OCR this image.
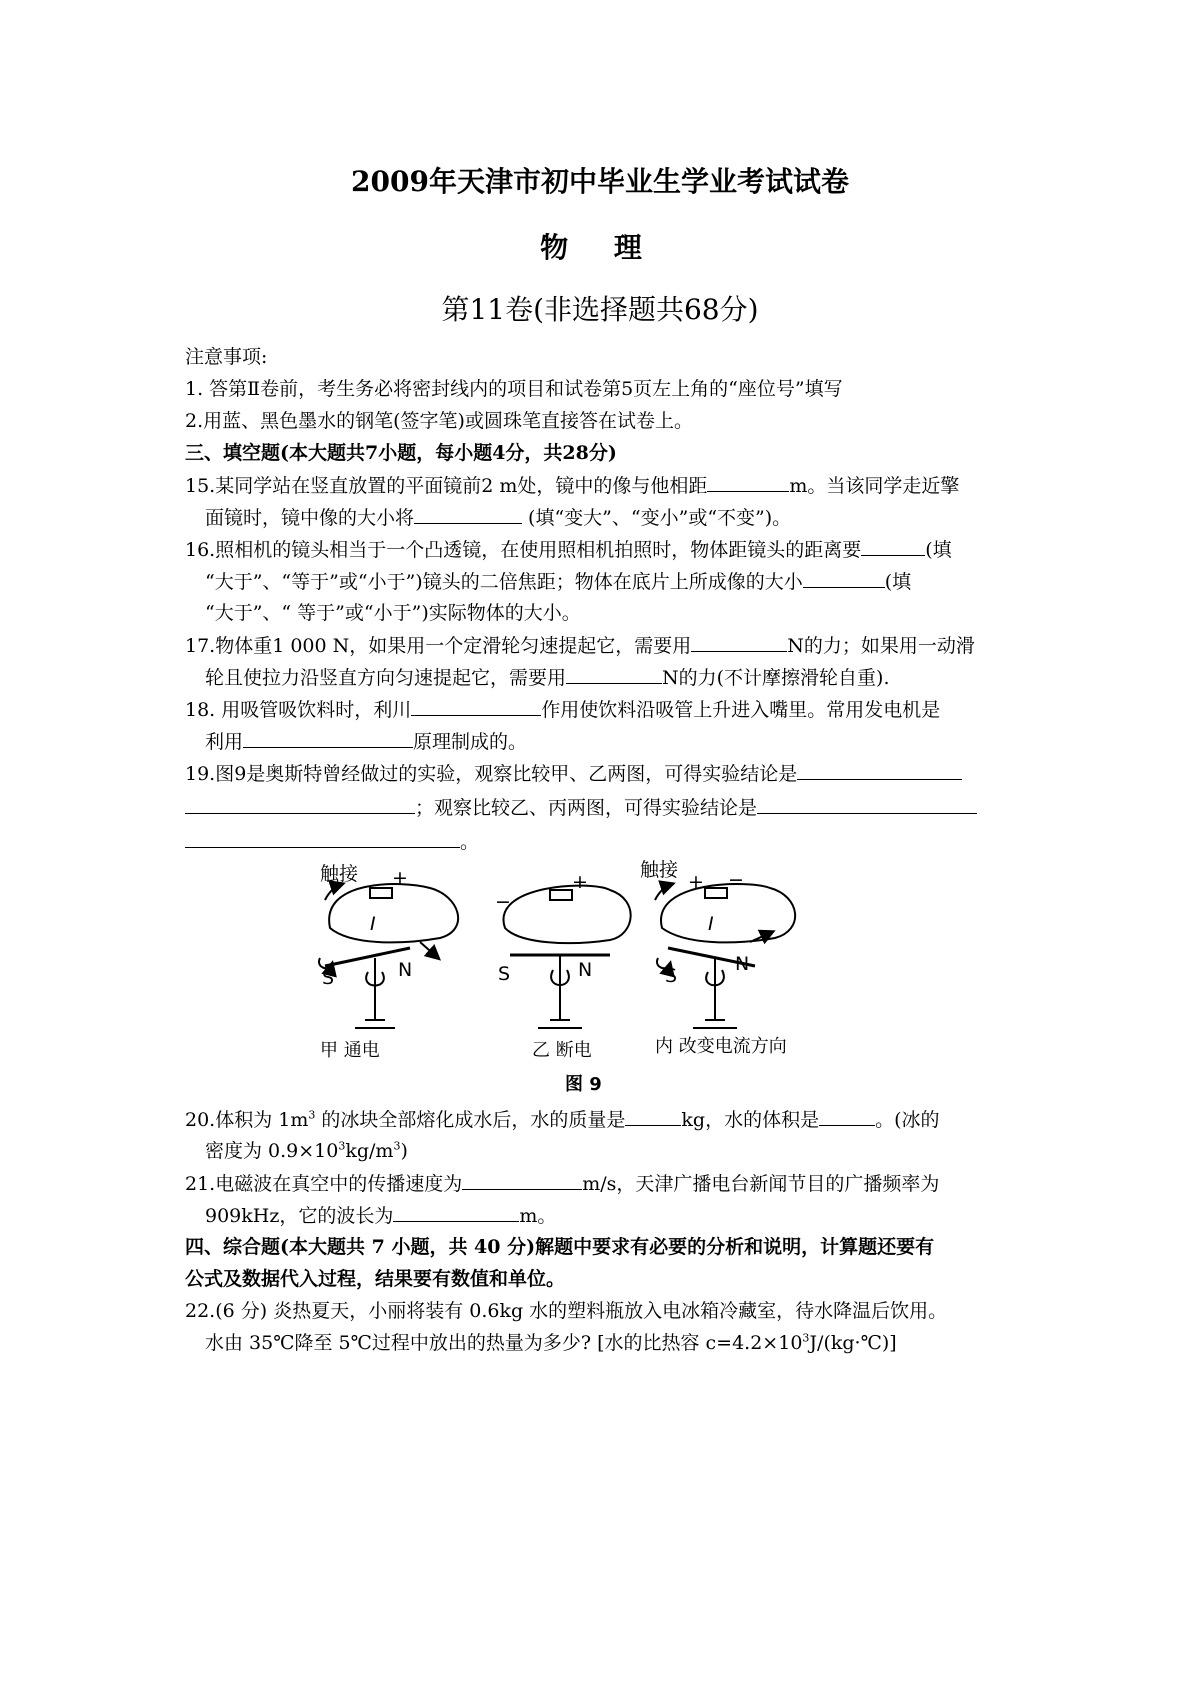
2009年天津市初中毕业生学业考试试卷
物 理
第11卷(非选择题共68分)
注意事项:
1. 答第Ⅱ卷前，考生务必将密封线内的项目和试卷第5页左上角的“座位号”填写
2.用蓝、黑色墨水的钢笔(签字笔)或圆珠笔直接答在试卷上。
三、填空题(本大题共7小题，每小题4分，共28分)
15.某同学站在竖直放置的平面镜前2 m处，镜中的像与他相距	m。当该同学走近擎
面镜时，镜中像的大小将	(填“变大”、“变小”或“不变”)。
16.照相机的镜头相当于一个凸透镜，在使用照相机拍照时，物体距镜头的距离要	(填
“大于”、“等于”或“小于”)镜头的二倍焦距；物体在底片上所成像的大小	(填
“大于”、“ 等于”或“小于”)实际物体的大小。
17.物体重1 000 N，如果用一个定滑轮匀速提起它，需要用	N的力；如果用一动滑
轮且使拉力沿竖直方向匀速提起它，需要用	N的力(不计摩擦滑轮自重).
18. 用吸管吸饮料时，利川	作用使饮料沿吸管上升进入嘴里。常用发电机是
利用	原理制成的。
19.图9是奥斯特曾经做过的实验，观察比较甲、乙两图，可得实验结论是
；观察比较乙、丙两图，可得实验结论是
。
触接 +
I
S	N
−
+
S	N
触接
+ −
I
S
N
甲 通电	乙 断电	内 改变电流方向
图 9
20.体积为 $1m^3$ 的冰块全部熔化成水后，水的质量是	kg，水的体积是	。(冰的
密度为 $0.9\times 10^3kg/m^3$)
21.电磁波在真空中的传播速度为	m/s，天津广播电台新闻节目的广播频率为
909kHz，它的波长为	m。
四、综合题(本大题共 7 小题，共 40 分)解题中要求有必要的分析和说明，计算题还要有
公式及数据代入过程，结果要有数值和单位。
22.(6 分) 炎热夏天，小丽将装有 0.6kg 水的塑料瓶放入电冰箱冷藏室，待水降温后饮用。
水由 35℃降至 5℃过程中放出的热量为多少? [水的比热容 $c=4.2\times 10^3J/(kg\cdot℃)$]
